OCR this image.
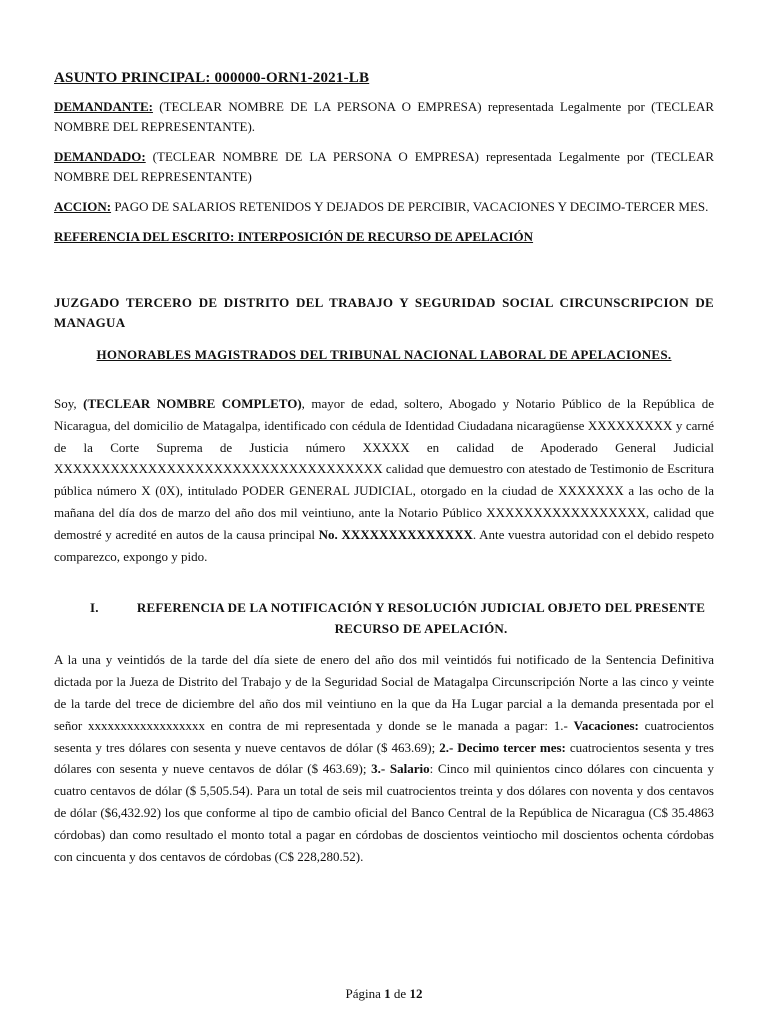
ASUNTO PRINCIPAL: 000000-ORN1-2021-LB

DEMANDANTE: (TECLEAR NOMBRE DE LA PERSONA O EMPRESA) representada Legalmente por (TECLEAR NOMBRE DEL REPRESENTANTE).

DEMANDADO: (TECLEAR NOMBRE DE LA PERSONA O EMPRESA) representada Legalmente por (TECLEAR NOMBRE DEL REPRESENTANTE)

ACCION: PAGO DE SALARIOS RETENIDOS Y DEJADOS DE PERCIBIR, VACACIONES Y DECIMO-TERCER MES.

REFERENCIA DEL ESCRITO: INTERPOSICIÓN DE RECURSO DE APELACIÓN

JUZGADO TERCERO DE DISTRITO DEL TRABAJO Y SEGURIDAD SOCIAL CIRCUNSCRIPCION DE MANAGUA

HONORABLES MAGISTRADOS DEL TRIBUNAL NACIONAL LABORAL DE APELACIONES.

Soy, (TECLEAR NOMBRE COMPLETO), mayor de edad, soltero, Abogado y Notario Público de la República de Nicaragua, del domicilio de Matagalpa, identificado con cédula de Identidad Ciudadana nicaragüense XXXXXXXXX y carné de la Corte Suprema de Justicia número XXXXX en calidad de Apoderado General Judicial XXXXXXXXXXXXXXXXXXXXXXXXXXXXXXXXXXX calidad que demuestro con atestado de Testimonio de Escritura pública número X (0X), intitulado PODER GENERAL JUDICIAL, otorgado en la ciudad de XXXXXXX a las ocho de la mañana del día dos de marzo del año dos mil veintiuno, ante la Notario Público XXXXXXXXXXXXXXXXX, calidad que demostré y acredité en autos de la causa principal No. XXXXXXXXXXXXXX. Ante vuestra autoridad con el debido respeto comparezco, expongo y pido.

I.	REFERENCIA DE LA NOTIFICACIÓN Y RESOLUCIÓN JUDICIAL OBJETO DEL PRESENTE RECURSO DE APELACIÓN.

A la una y veintidós de la tarde del día siete de enero del año dos mil veintidós fui notificado de la Sentencia Definitiva dictada por la Jueza de Distrito del Trabajo y de la Seguridad Social de Matagalpa Circunscripción Norte a las cinco y veinte de la tarde del trece de diciembre del año dos mil veintiuno en la que da Ha Lugar parcial a la demanda presentada por el señor xxxxxxxxxxxxxxxxxx en contra de mi representada y donde se le manada a pagar: 1.- Vacaciones: cuatrocientos sesenta y tres dólares con sesenta y nueve centavos de dólar ($ 463.69); 2.- Decimo tercer mes: cuatrocientos sesenta y tres dólares con sesenta y nueve centavos de dólar ($ 463.69); 3.- Salario: Cinco mil quinientos cinco dólares con cincuenta y cuatro centavos de dólar ($ 5,505.54). Para un total de seis mil cuatrocientos treinta y dos dólares con noventa y dos centavos de dólar ($6,432.92) los que conforme al tipo de cambio oficial del Banco Central de la República de Nicaragua (C$ 35.4863 córdobas) dan como resultado el monto total a pagar en córdobas de doscientos veintiocho mil doscientos ochenta córdobas con cincuenta y dos centavos de córdobas (C$ 228,280.52).

Página 1 de 12
